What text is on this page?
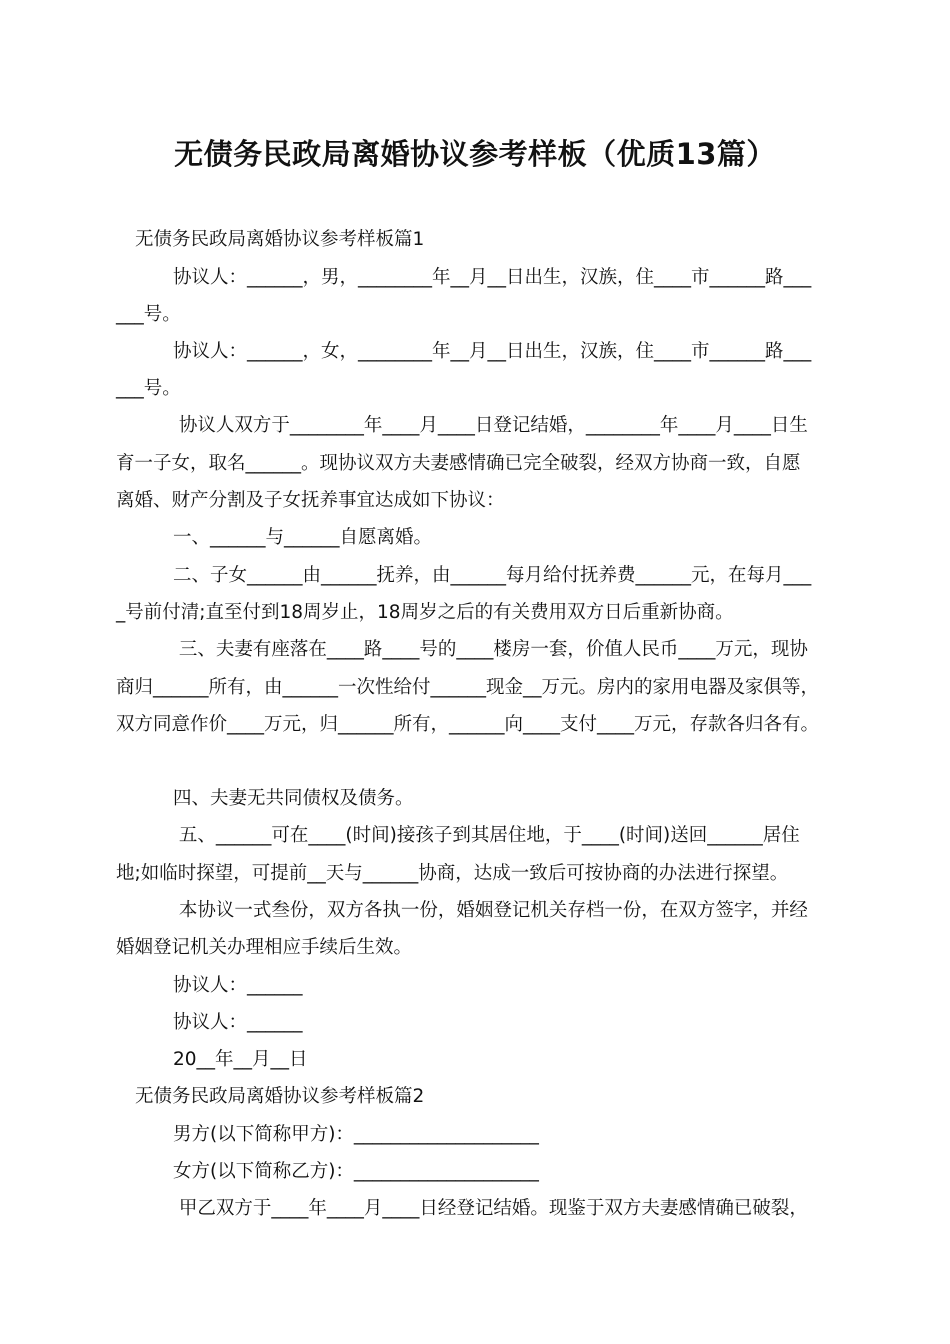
无债务民政局离婚协议参考样板（优质13篇）
无债务民政局离婚协议参考样板篇1
协议人：______，男，________年__月__日出生，汉族，住____市______路___
___号。
协议人：______，女，________年__月__日出生，汉族，住____市______路___
___号。
协议人双方于________年____月____日登记结婚，________年____月____日生
育一子女，取名______。现协议双方夫妻感情确已完全破裂，经双方协商一致，自愿
离婚、财产分割及子女抚养事宜达成如下协议：
一、______与______自愿离婚。
二、子女______由______抚养，由______每月给付抚养费______元，在每月___
_号前付清;直至付到18周岁止，18周岁之后的有关费用双方日后重新协商。
三、夫妻有座落在____路____号的____楼房一套，价值人民币____万元，现协
商归______所有，由______一次性给付______现金__万元。房内的家用电器及家俱等，
双方同意作价____万元，归______所有，______向____支付____万元，存款各归各有。
四、夫妻无共同债权及债务。
五、______可在____(时间)接孩子到其居住地，于____(时间)送回______居住
地;如临时探望，可提前__天与______协商，达成一致后可按协商的办法进行探望。
本协议一式叁份，双方各执一份，婚姻登记机关存档一份，在双方签字，并经
婚姻登记机关办理相应手续后生效。
协议人：______
协议人：______
20__年__月__日
无债务民政局离婚协议参考样板篇2
男方(以下简称甲方)：____________________
女方(以下简称乙方)：____________________
甲乙双方于____年____月____日经登记结婚。现鉴于双方夫妻感情确已破裂，
